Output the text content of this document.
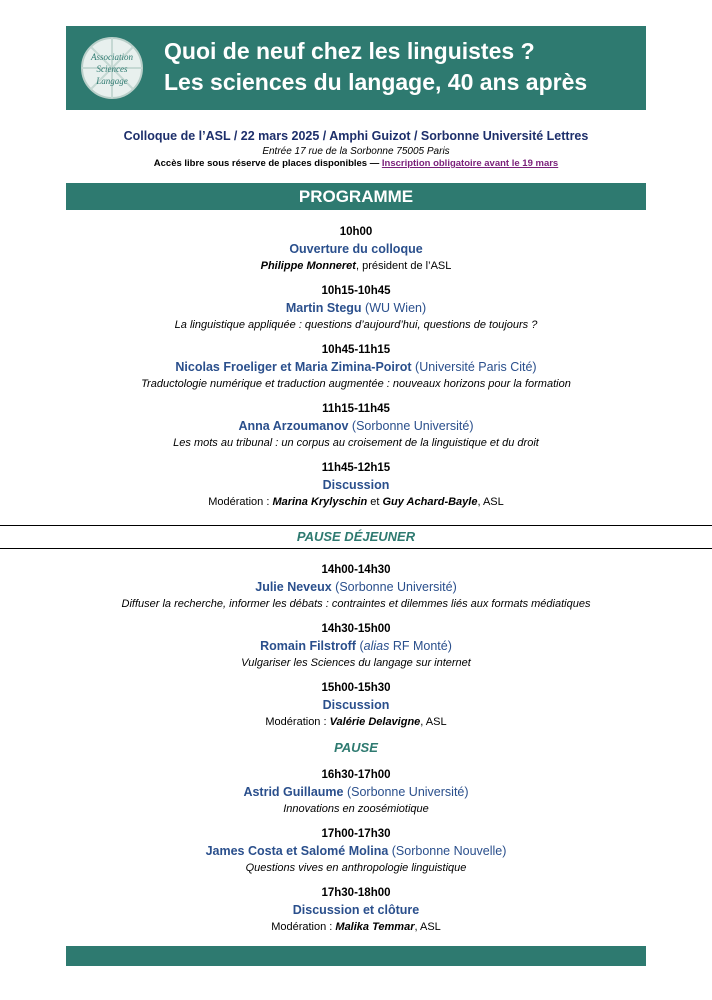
Association
Sciences
Langage
Quoi de neuf chez les linguistes ?
Les sciences du langage, 40 ans après
Colloque de l’ASL / 22 mars 2025 / Amphi Guizot / Sorbonne Université Lettres
Entrée 17 rue de la Sorbonne 75005 Paris
Accès libre sous réserve de places disponibles — Inscription obligatoire avant le 19 mars
PROGRAMME
10h00
Ouverture du colloque
Philippe Monneret, président de l’ASL
10h15-10h45
Martin Stegu (WU Wien)
La linguistique appliquée : questions d’aujourd’hui, questions de toujours ?
10h45-11h15
Nicolas Froeliger et Maria Zimina-Poirot (Université Paris Cité)
Traductologie numérique et traduction augmentée : nouveaux horizons pour la formation
11h15-11h45
Anna Arzoumanov (Sorbonne Université)
Les mots au tribunal : un corpus au croisement de la linguistique et du droit
11h45-12h15
Discussion
Modération : Marina Krylyschin et Guy Achard-Bayle, ASL
PAUSE DÉJEUNER
14h00-14h30
Julie Neveux (Sorbonne Université)
Diffuser la recherche, informer les débats : contraintes et dilemmes liés aux formats médiatiques
14h30-15h00
Romain Filstroff (alias RF Monté)
Vulgariser les Sciences du langage sur internet
15h00-15h30
Discussion
Modération : Valérie Delavigne, ASL
PAUSE
16h30-17h00
Astrid Guillaume (Sorbonne Université)
Innovations en zoosémiotique
17h00-17h30
James Costa et Salomé Molina (Sorbonne Nouvelle)
Questions vives en anthropologie linguistique
17h30-18h00
Discussion et clôture
Modération : Malika Temmar, ASL
